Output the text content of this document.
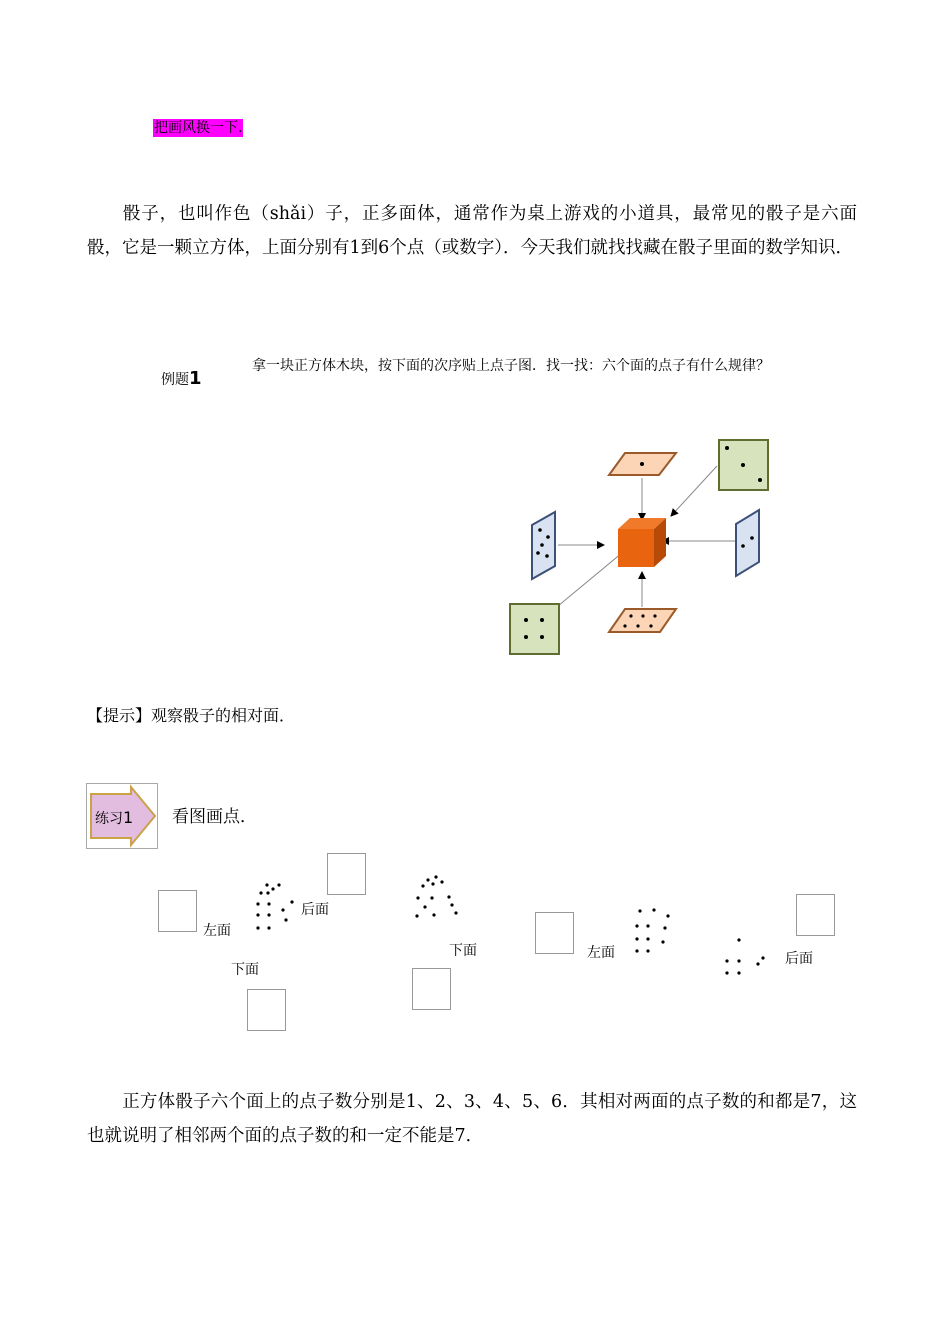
把画风换一下.
  骰子，也叫作色（shǎi）子，正多面体，通常作为桌上游戏的小道具，最常见的骰子是六面骰，它是一颗立方体，上面分别有1到6个点（或数字）．今天我们就找找藏在骰子里面的数学知识．
例题1
拿一块正方体木块，按下面的次序贴上点子图．找一找：六个面的点子有什么规律？
【提示】观察骰子的相对面．
练习1 看图画点．
左面
后面
下面
下面	左面	后面
  正方体骰子六个面上的点子数分别是1、2、3、4、5、6．其相对两面的点子数的和都是7，这也就说明了相邻两个面的点子数的和一定不能是7．
